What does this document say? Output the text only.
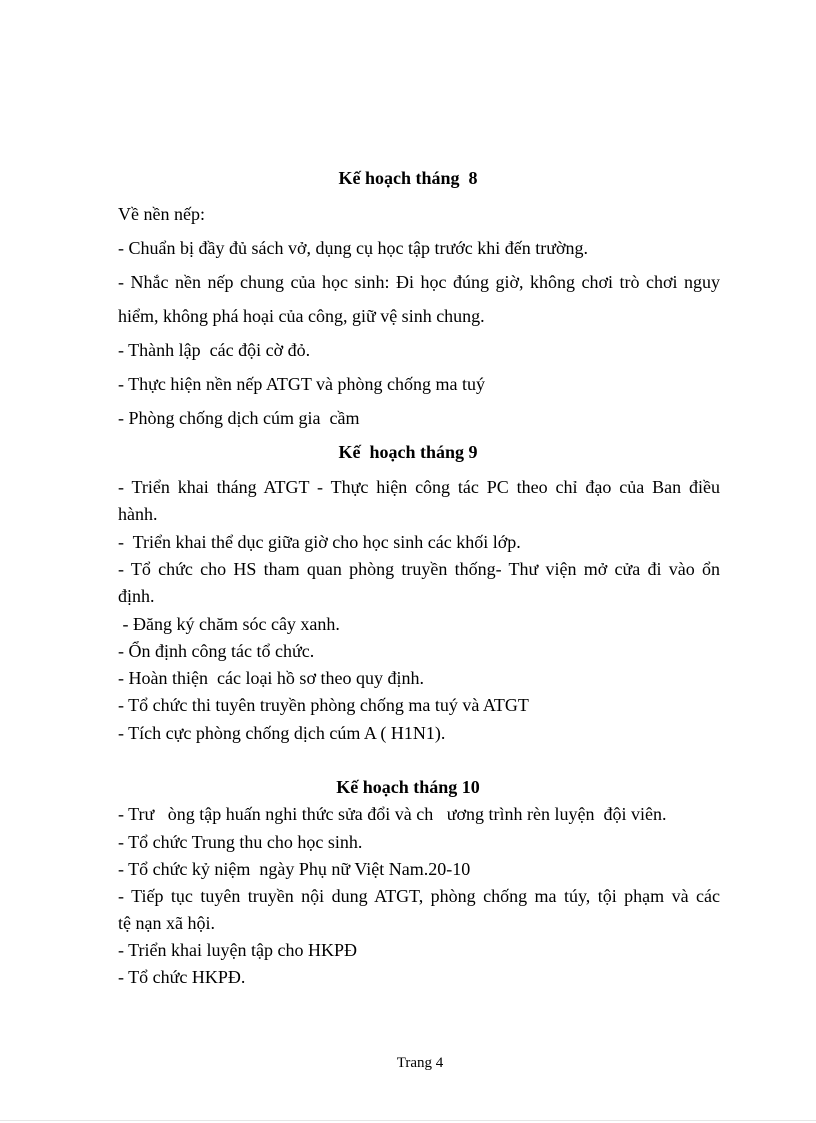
Kế hoạch tháng  8
Về nền nếp:
- Chuẩn bị đầy đủ sách vở, dụng cụ học tập trước khi đến trường.
- Nhắc nền nếp chung của học sinh: Đi học đúng giờ, không chơi trò chơi nguy
hiểm, không phá hoại của công, giữ vệ sinh chung.
- Thành lập  các đội cờ đỏ.
- Thực hiện nền nếp ATGT và phòng chống ma tuý
- Phòng chống dịch cúm gia  cầm
Kế  hoạch tháng 9
- Triển khai tháng ATGT - Thực hiện công tác PC theo chỉ đạo của Ban điều
hành.
-  Triển khai thể dục giữa giờ cho học sinh các khối lớp.
- Tổ chức cho HS tham quan phòng truyền thống- Thư viện mở cửa đi vào ổn
định.
- Đăng ký chăm sóc cây xanh.
- Ổn định công tác tổ chức.
- Hoàn thiện  các loại hồ sơ theo quy định.
- Tổ chức thi tuyên truyền phòng chống ma tuý và ATGT
- Tích cực phòng chống dịch cúm A ( H1N1).
Kế hoạch tháng 10
- Trư   òng tập huấn nghi thức sửa đổi và ch   ương trình rèn luyện  đội viên.
- Tổ chức Trung thu cho học sinh.
- Tổ chức kỷ niệm  ngày Phụ nữ Việt Nam.20-10
- Tiếp tục tuyên truyền nội dung ATGT, phòng chống ma túy, tội phạm và các
tệ nạn xã hội.
- Triển khai luyện tập cho HKPĐ
- Tổ chức HKPĐ.
Trang 4
